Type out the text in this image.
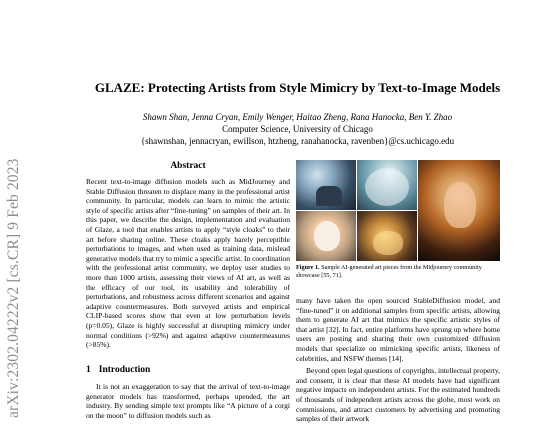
arXiv:2302.04222v2 [cs.CR] 9 Feb 2023
GLAZE: Protecting Artists from Style Mimicry by Text-to-Image Models
Shawn Shan, Jenna Cryan, Emily Wenger, Haitao Zheng, Rana Hanocka, Ben Y. Zhao
Computer Science, University of Chicago
{shawnshan, jennacryan, ewillson, htzheng, ranahanocka, ravenben}@cs.uchicago.edu
Abstract
Recent text-to-image diffusion models such as MidJourney and Stable Diffusion threaten to displace many in the professional artist community. In particular, models can learn to mimic the artistic style of specific artists after “fine-tuning” on samples of their art. In this paper, we describe the design, implementation and evaluation of Glaze, a tool that enables artists to apply “style cloaks” to their art before sharing online. These cloaks apply barely perceptible perturbations to images, and when used as training data, mislead generative models that try to mimic a specific artist. In coordination with the professional artist community, we deploy user studies to more than 1000 artists, assessing their views of AI art, as well as the efficacy of our tool, its usability and tolerability of perturbations, and robustness across different scenarios and against adaptive countermeasures. Both surveyed artists and empirical CLIP-based scores show that even at low perturbation levels (p=0.05), Glaze is highly successful at disrupting mimicry under normal conditions (>92%) and against adaptive countermeasures (>85%).
1 Introduction
It is not an exaggeration to say that the arrival of text-to-image generator models has transformed, perhaps upended, the art industry. By sending simple text prompts like “A picture of a corgi on the moon” to diffusion models such as
Figure 1. Sample AI-generated art pieces from the Midjourney community showcase [55, 71].

many have taken the open sourced StableDiffusion model, and “fine-tuned” it on additional samples from specific artists, allowing them to generate AI art that mimics the specific artistic styles of that artist [32]. In fact, entire platforms have sprung up where home users are posting and sharing their own customized diffusion models that specialize on mimicking specific artists, likeness of celebrities, and NSFW themes [14].

Beyond open legal questions of copyrights, intellectual property, and consent, it is clear that these AI models have had significant negative impacts on independent artists. For the estimated hundreds of thousands of independent artists across the globe, most work on commissions, and attract customers by advertising and promoting samples of their artwork
